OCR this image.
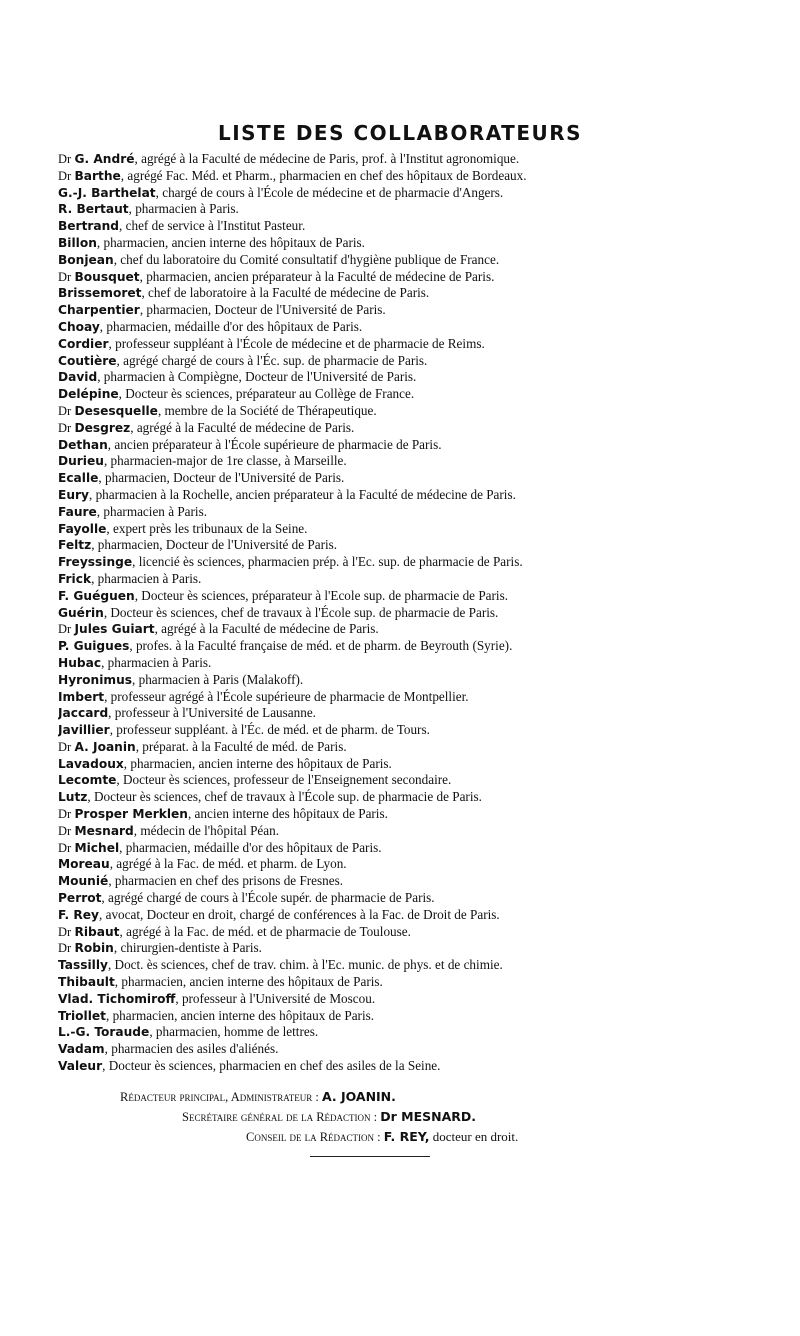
LISTE DES COLLABORATEURS
Dr G. André, agrégé à la Faculté de médecine de Paris, prof. à l'Institut agronomique.
Dr Barthe, agrégé Fac. Méd. et Pharm., pharmacien en chef des hôpitaux de Bordeaux.
G.-J. Barthelat, chargé de cours à l'École de médecine et de pharmacie d'Angers.
R. Bertaut, pharmacien à Paris.
Bertrand, chef de service à l'Institut Pasteur.
Billon, pharmacien, ancien interne des hôpitaux de Paris.
Bonjean, chef du laboratoire du Comité consultatif d'hygiène publique de France.
Dr Bousquet, pharmacien, ancien préparateur à la Faculté de médecine de Paris.
Brissemoret, chef de laboratoire à la Faculté de médecine de Paris.
Charpentier, pharmacien, Docteur de l'Université de Paris.
Choay, pharmacien, médaille d'or des hôpitaux de Paris.
Cordier, professeur suppléant à l'École de médecine et de pharmacie de Reims.
Coutière, agrégé chargé de cours à l'Éc. sup. de pharmacie de Paris.
David, pharmacien à Compiègne, Docteur de l'Université de Paris.
Delépine, Docteur ès sciences, préparateur au Collège de France.
Dr Desesquelle, membre de la Société de Thérapeutique.
Dr Desgrez, agrégé à la Faculté de médecine de Paris.
Dethan, ancien préparateur à l'École supérieure de pharmacie de Paris.
Durieu, pharmacien-major de 1re classe, à Marseille.
Ecalle, pharmacien, Docteur de l'Université de Paris.
Eury, pharmacien à la Rochelle, ancien préparateur à la Faculté de médecine de Paris.
Faure, pharmacien à Paris.
Fayolle, expert près les tribunaux de la Seine.
Feltz, pharmacien, Docteur de l'Université de Paris.
Freyssinge, licencié ès sciences, pharmacien prép. à l'Ec. sup. de pharmacie de Paris.
Frick, pharmacien à Paris.
F. Guéguen, Docteur ès sciences, préparateur à l'Ecole sup. de pharmacie de Paris.
Guérin, Docteur ès sciences, chef de travaux à l'École sup. de pharmacie de Paris.
Dr Jules Guiart, agrégé à la Faculté de médecine de Paris.
P. Guigues, profes. à la Faculté française de méd. et de pharm. de Beyrouth (Syrie).
Hubac, pharmacien à Paris.
Hyronimus, pharmacien à Paris (Malakoff).
Imbert, professeur agrégé à l'École supérieure de pharmacie de Montpellier.
Jaccard, professeur à l'Université de Lausanne.
Javillier, professeur suppléant. à l'Éc. de méd. et de pharm. de Tours.
Dr A. Joanin, préparat. à la Faculté de méd. de Paris.
Lavadoux, pharmacien, ancien interne des hôpitaux de Paris.
Lecomte, Docteur ès sciences, professeur de l'Enseignement secondaire.
Lutz, Docteur ès sciences, chef de travaux à l'École sup. de pharmacie de Paris.
Dr Prosper Merklen, ancien interne des hôpitaux de Paris.
Dr Mesnard, médecin de l'hôpital Péan.
Dr Michel, pharmacien, médaille d'or des hôpitaux de Paris.
Moreau, agrégé à la Fac. de méd. et pharm. de Lyon.
Mounié, pharmacien en chef des prisons de Fresnes.
Perrot, agrégé chargé de cours à l'École supér. de pharmacie de Paris.
F. Rey, avocat, Docteur en droit, chargé de conférences à la Fac. de Droit de Paris.
Dr Ribaut, agrégé à la Fac. de méd. et de pharmacie de Toulouse.
Dr Robin, chirurgien-dentiste à Paris.
Tassilly, Doct. ès sciences, chef de trav. chim. à l'Ec. munic. de phys. et de chimie.
Thibault, pharmacien, ancien interne des hôpitaux de Paris.
Vlad. Tichomiroff, professeur à l'Université de Moscou.
Triollet, pharmacien, ancien interne des hôpitaux de Paris.
L.-G. Toraude, pharmacien, homme de lettres.
Vadam, pharmacien des asiles d'aliénés.
Valeur, Docteur ès sciences, pharmacien en chef des asiles de la Seine.
Rédacteur principal, Administrateur : A. JOANIN.
Secrétaire général de la Rédaction : Dr MESNARD.
Conseil de la Rédaction : F. REY, docteur en droit.
